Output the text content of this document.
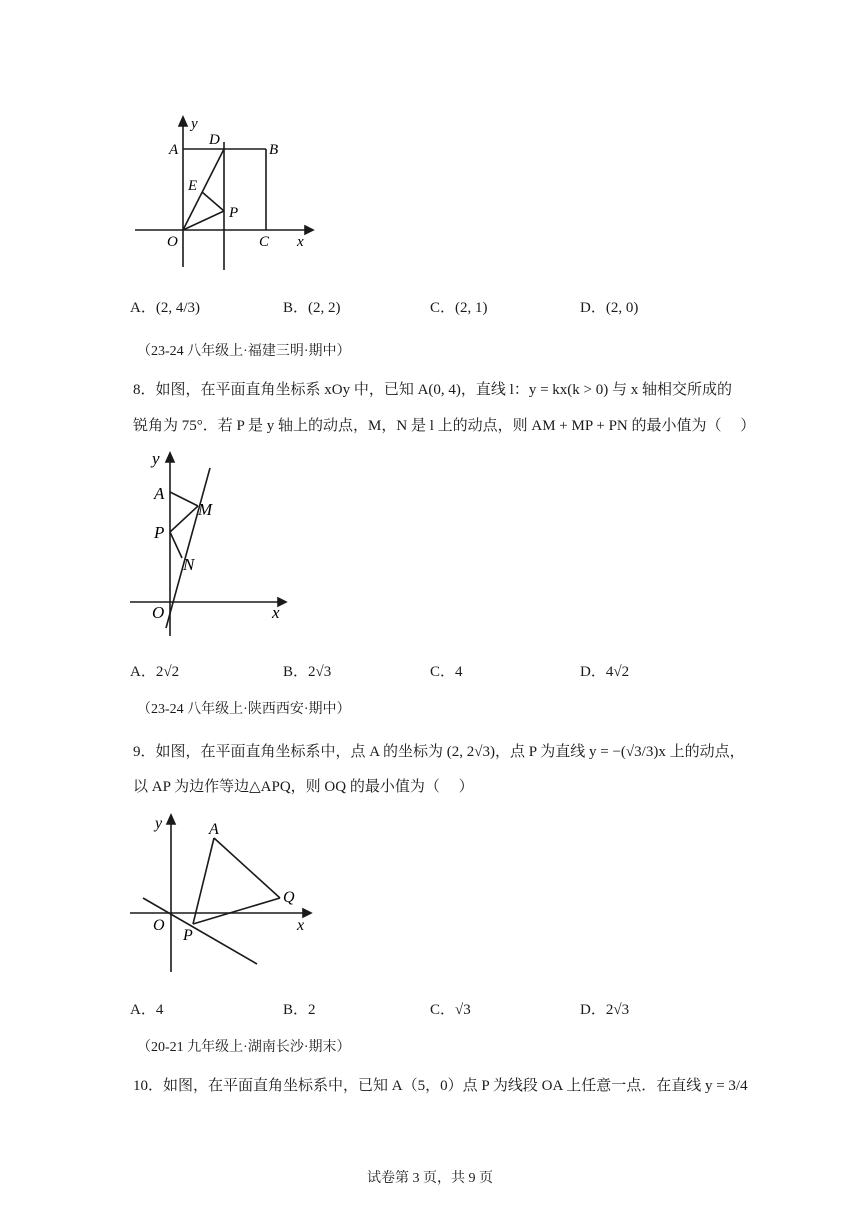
y
A
D
B
E
P
O	C x
A．(2, 4/3)	B．(2, 2)	C．(2, 1)	D．(2, 0)
（23-24 八年级上·福建三明·期中）
8．如图，在平面直角坐标系 xOy 中，已知 A(0, 4)，直线 l：y = kx(k > 0) 与 x 轴相交所成的
锐角为 75°．若 P 是 y 轴上的动点，M，N 是 l 上的动点，则 AM + MP + PN 的最小值为（　 ）
y
A
M
P
N
O	x
A．2√2	B．2√3	C．4	D．4√2
（23-24 八年级上·陕西西安·期中）
9．如图，在平面直角坐标系中，点 A 的坐标为 (2, 2√3)，点 P 为直线 y = −(√3/3)x 上的动点，
以 AP 为边作等边△APQ，则 OQ 的最小值为（　 ）
y	A
Q
O
P
x
A．4	B．2	C．√3	D．2√3
（20-21 九年级上·湖南长沙·期末）
10．如图，在平面直角坐标系中，已知 A（5，0）点 P 为线段 OA 上任意一点．在直线 y = 3/4
试卷第 3 页，共 9 页
